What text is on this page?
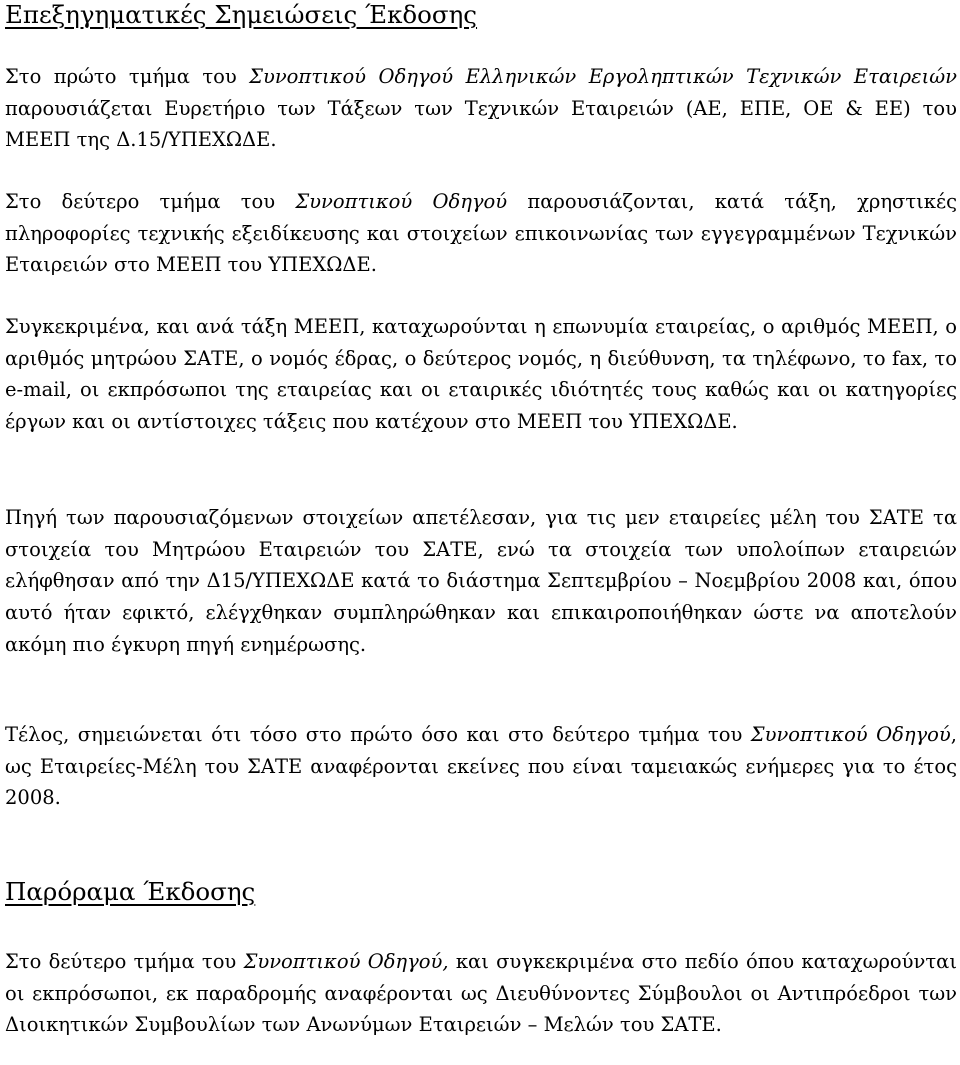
Επεξηγηματικές Σημειώσεις Έκδοσης

Στο πρώτο τμήμα του Συνοπτικού Οδηγού Ελληνικών Εργοληπτικών Τεχνικών Εταιρειών παρουσιάζεται Ευρετήριο των Τάξεων των Τεχνικών Εταιρειών (ΑΕ, ΕΠΕ, ΟΕ & ΕΕ) του ΜΕΕΠ της Δ.15/ΥΠΕΧΩΔΕ.

Στο δεύτερο τμήμα του Συνοπτικού Οδηγού παρουσιάζονται, κατά τάξη, χρηστικές πληροφορίες τεχνικής εξειδίκευσης και στοιχείων επικοινωνίας των εγγεγραμμένων Τεχνικών Εταιρειών στο ΜΕΕΠ του ΥΠΕΧΩΔΕ.

Συγκεκριμένα, και ανά τάξη ΜΕΕΠ, καταχωρούνται η επωνυμία εταιρείας, ο αριθμός ΜΕΕΠ, ο αριθμός μητρώου ΣΑΤΕ, ο νομός έδρας, ο δεύτερος νομός, η διεύθυνση, τα τηλέφωνο, το fax, το e-mail, οι εκπρόσωποι της εταιρείας και οι εταιρικές ιδιότητές τους καθώς και οι κατηγορίες έργων και οι αντίστοιχες τάξεις που κατέχουν στο ΜΕΕΠ του ΥΠΕΧΩΔΕ.

Πηγή των παρουσιαζόμενων στοιχείων απετέλεσαν, για τις μεν εταιρείες μέλη του ΣΑΤΕ τα στοιχεία του Μητρώου Εταιρειών του ΣΑΤΕ, ενώ τα στοιχεία των υπολοίπων εταιρειών ελήφθησαν από την Δ15/ΥΠΕΧΩΔΕ κατά το διάστημα Σεπτεμβρίου – Νοεμβρίου 2008 και, όπου αυτό ήταν εφικτό, ελέγχθηκαν συμπληρώθηκαν και επικαιροποιήθηκαν ώστε να αποτελούν ακόμη πιο έγκυρη πηγή ενημέρωσης.

Τέλος, σημειώνεται ότι τόσο στο πρώτο όσο και στο δεύτερο τμήμα του Συνοπτικού Οδηγού, ως Εταιρείες-Μέλη του ΣΑΤΕ αναφέρονται εκείνες που είναι ταμειακώς ενήμερες για το έτος 2008.

Παρόραμα Έκδοσης

Στο δεύτερο τμήμα του Συνοπτικού Οδηγού, και συγκεκριμένα στο πεδίο όπου καταχωρούνται οι εκπρόσωποι, εκ παραδρομής αναφέρονται ως Διευθύνοντες Σύμβουλοι οι Αντιπρόεδροι των Διοικητικών Συμβουλίων των Ανωνύμων Εταιρειών – Μελών του ΣΑΤΕ.
